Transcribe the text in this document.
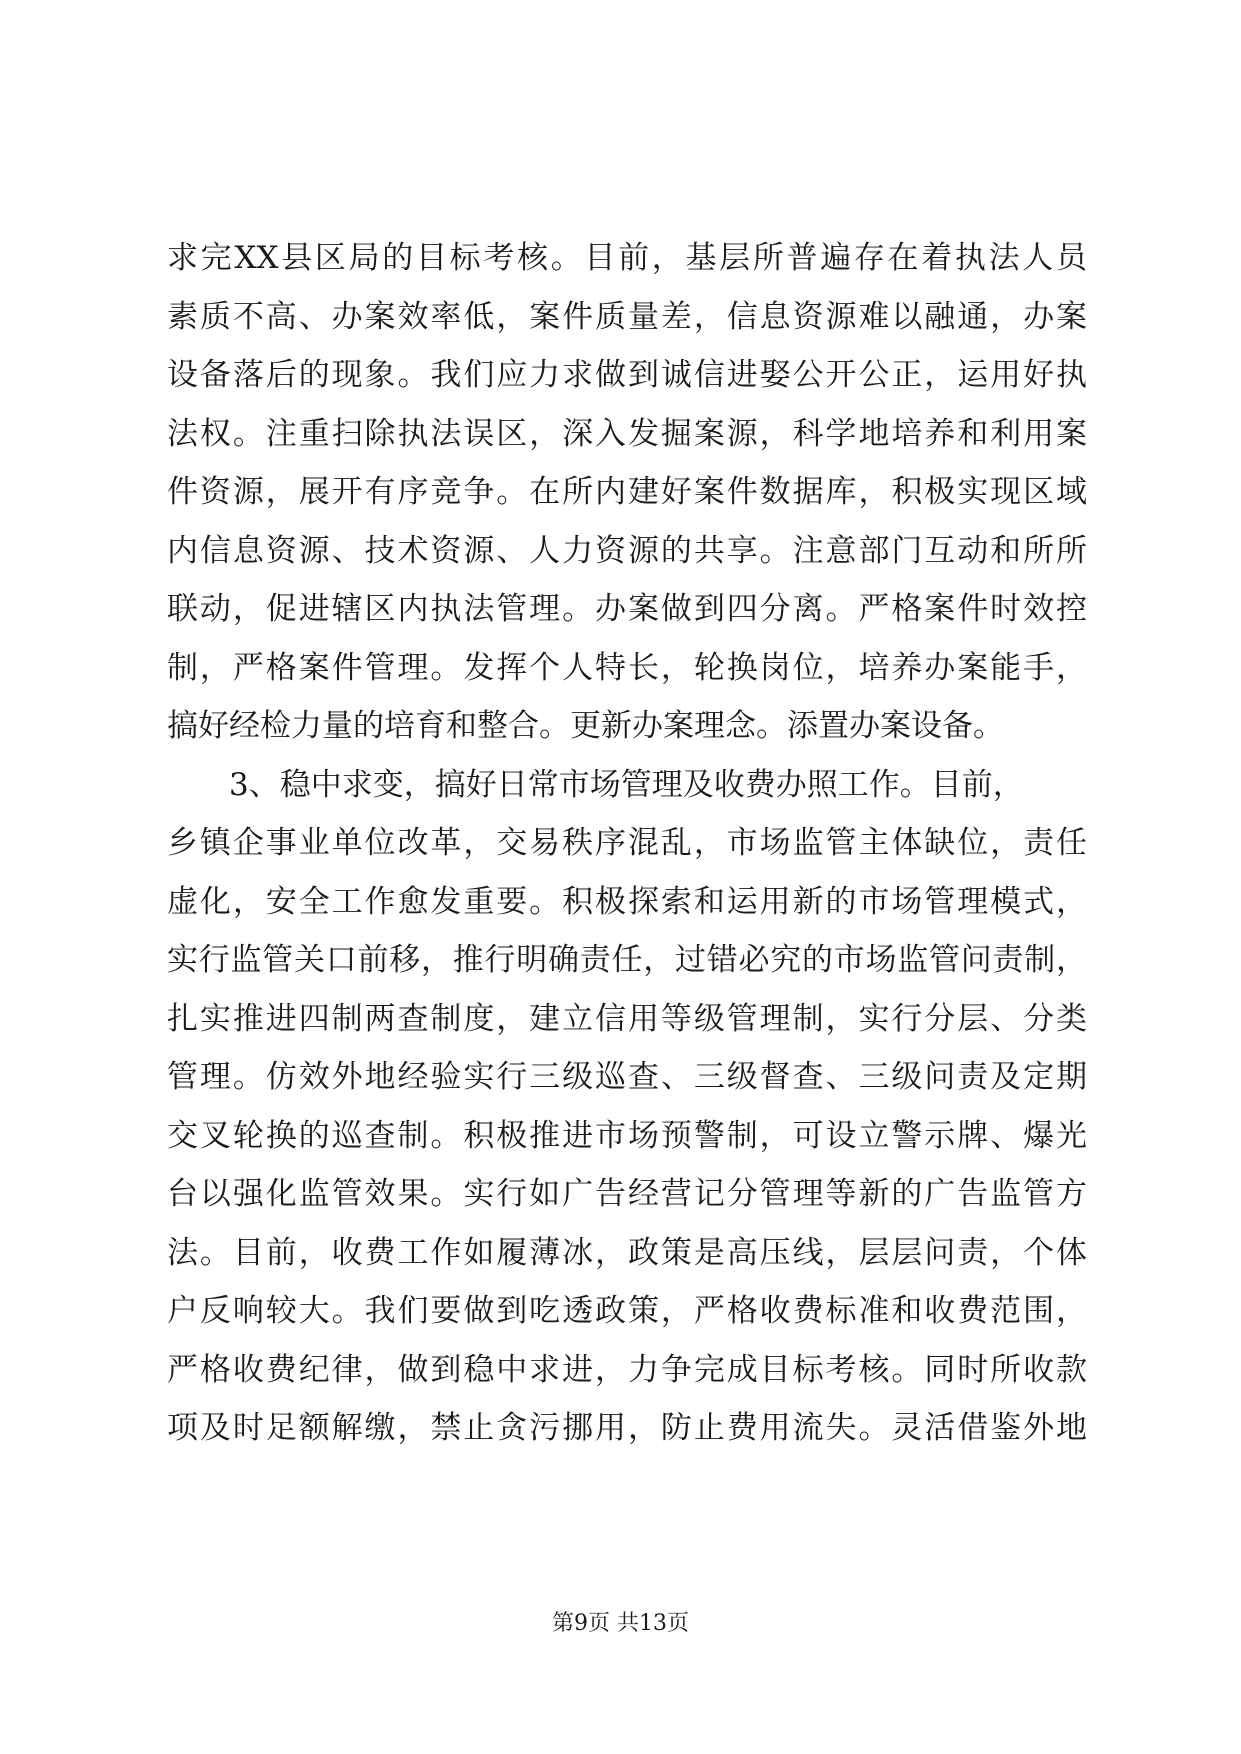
求完XX县区局的目标考核。目前，基层所普遍存在着执法人员
素质不高、办案效率低，案件质量差，信息资源难以融通，办案
设备落后的现象。我们应力求做到诚信进娶公开公正，运用好执
法权。注重扫除执法误区，深入发掘案源，科学地培养和利用案
件资源，展开有序竞争。在所内建好案件数据库，积极实现区域
内信息资源、技术资源、人力资源的共享。注意部门互动和所所
联动，促进辖区内执法管理。办案做到四分离。严格案件时效控
制，严格案件管理。发挥个人特长，轮换岗位，培养办案能手，
搞好经检力量的培育和整合。更新办案理念。添置办案设备。
3、稳中求变，搞好日常市场管理及收费办照工作。目前，
乡镇企事业单位改革，交易秩序混乱，市场监管主体缺位，责任
虚化，安全工作愈发重要。积极探索和运用新的市场管理模式，
实行监管关口前移，推行明确责任，过错必究的市场监管问责制，
扎实推进四制两查制度，建立信用等级管理制，实行分层、分类
管理。仿效外地经验实行三级巡查、三级督查、三级问责及定期
交叉轮换的巡查制。积极推进市场预警制，可设立警示牌、爆光
台以强化监管效果。实行如广告经营记分管理等新的广告监管方
法。目前，收费工作如履薄冰，政策是高压线，层层问责，个体
户反响较大。我们要做到吃透政策，严格收费标准和收费范围，
严格收费纪律，做到稳中求进，力争完成目标考核。同时所收款
项及时足额解缴，禁止贪污挪用，防止费用流失。灵活借鉴外地
第9页 共13页
